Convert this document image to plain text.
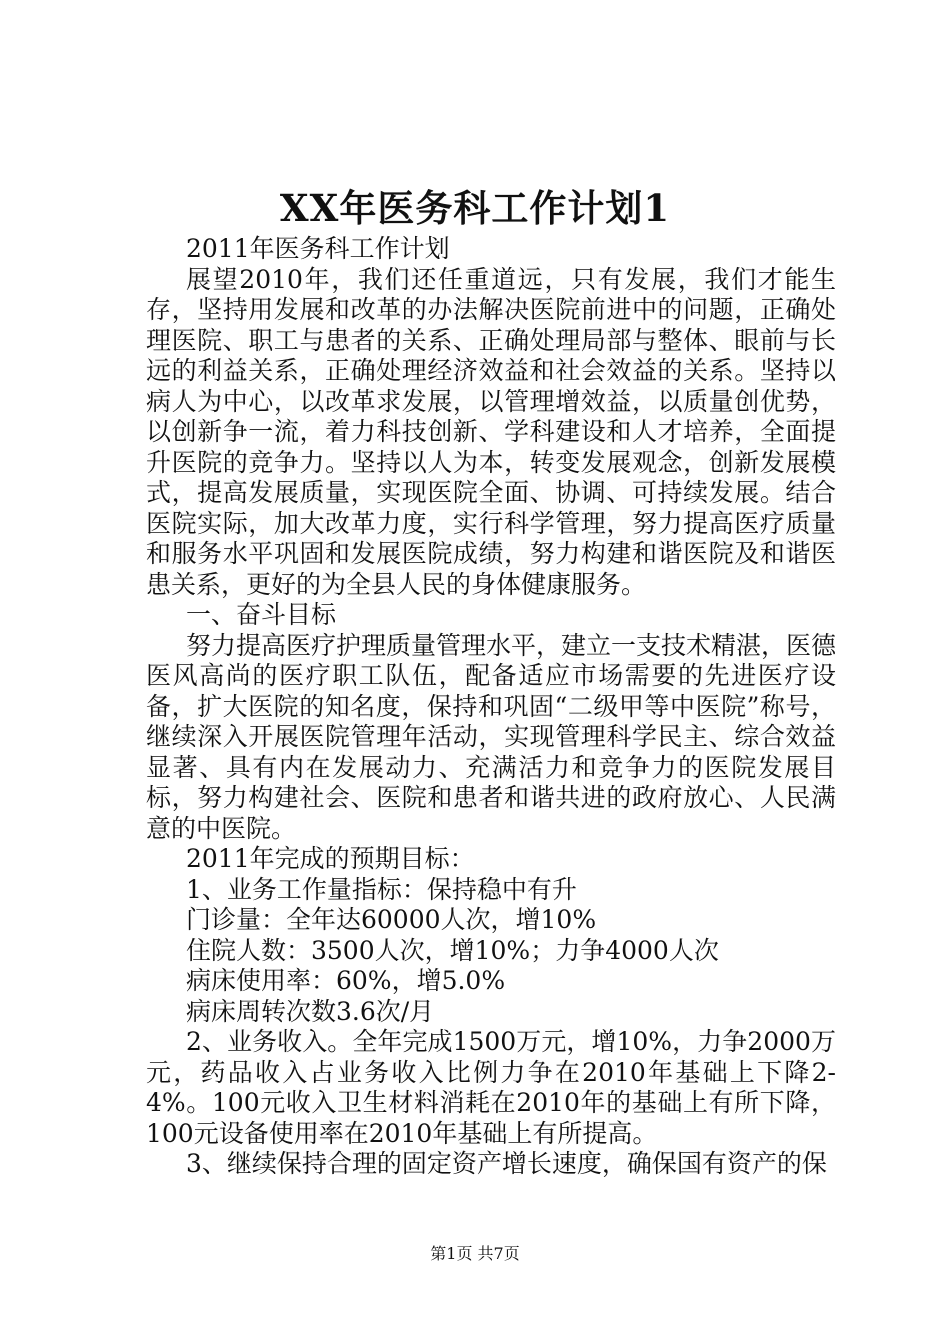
XX年医务科工作计划1

2011年医务科工作计划

展望2010年，我们还任重道远，只有发展，我们才能生存，坚持用发展和改革的办法解决医院前进中的问题，正确处理医院、职工与患者的关系、正确处理局部与整体、眼前与长远的利益关系，正确处理经济效益和社会效益的关系。坚持以病人为中心，以改革求发展，以管理增效益，以质量创优势，以创新争一流，着力科技创新、学科建设和人才培养，全面提升医院的竞争力。坚持以人为本，转变发展观念，创新发展模式，提高发展质量，实现医院全面、协调、可持续发展。结合医院实际，加大改革力度，实行科学管理，努力提高医疗质量和服务水平巩固和发展医院成绩，努力构建和谐医院及和谐医患关系，更好的为全县人民的身体健康服务。

一、奋斗目标

努力提高医疗护理质量管理水平，建立一支技术精湛，医德医风高尚的医疗职工队伍，配备适应市场需要的先进医疗设备，扩大医院的知名度，保持和巩固“二级甲等中医院”称号，继续深入开展医院管理年活动，实现管理科学民主、综合效益显著、具有内在发展动力、充满活力和竞争力的医院发展目标，努力构建社会、医院和患者和谐共进的政府放心、人民满意的中医院。

2011年完成的预期目标：

1、业务工作量指标：保持稳中有升

门诊量：全年达60000人次，增10%

住院人数：3500人次，增10%；力争4000人次

病床使用率：60%，增5.0%

病床周转次数3.6次/月

2、业务收入。全年完成1500万元，增10%，力争2000万元，药品收入占业务收入比例力争在2010年基础上下降2-4%。100元收入卫生材料消耗在2010年的基础上有所下降，100元设备使用率在2010年基础上有所提高。

3、继续保持合理的固定资产增长速度，确保国有资产的保

第1页 共7页
